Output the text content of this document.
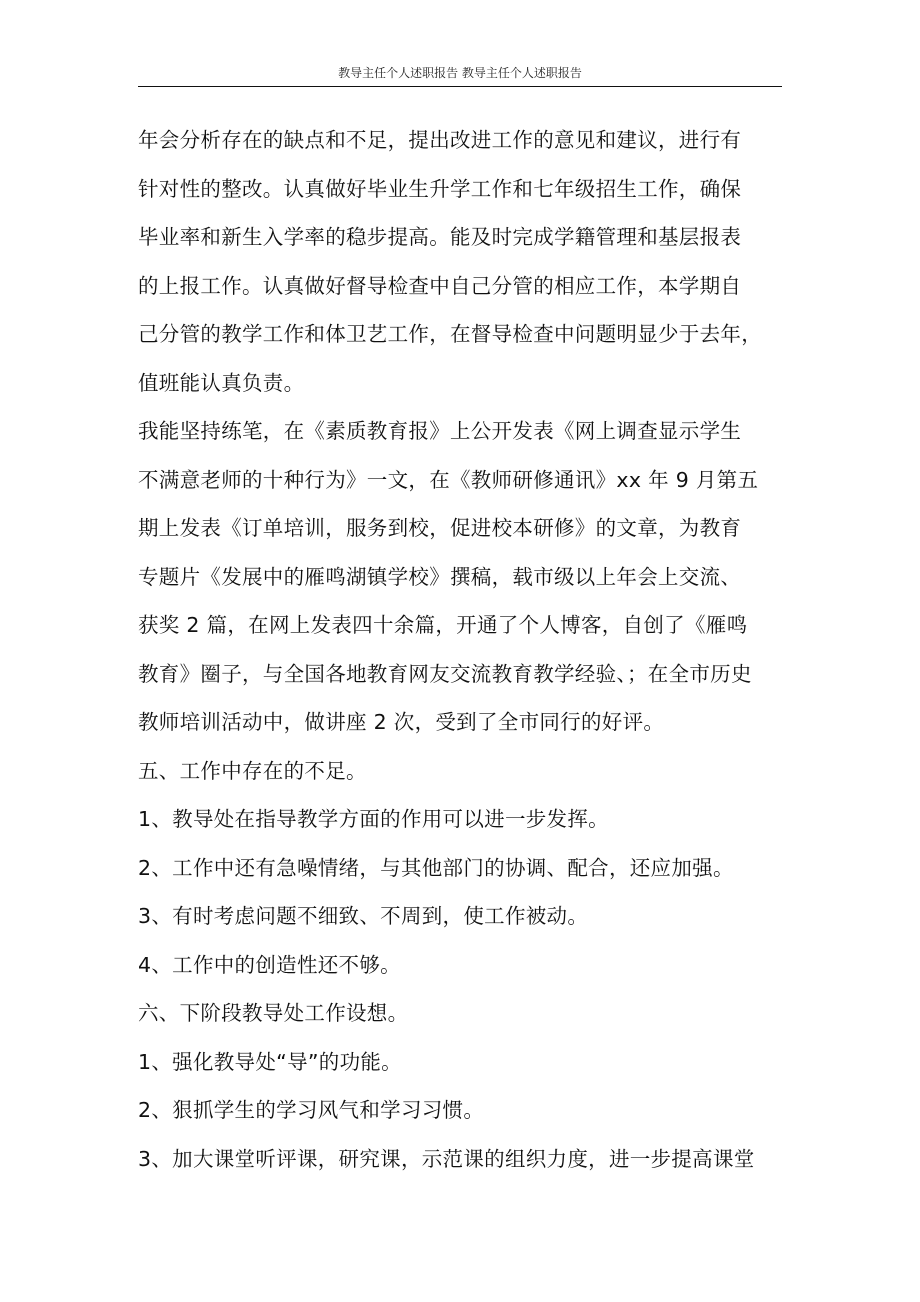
教导主任个人述职报告 教导主任个人述职报告
年会分析存在的缺点和不足，提出改进工作的意见和建议，进行有
针对性的整改。认真做好毕业生升学工作和七年级招生工作，确保
毕业率和新生入学率的稳步提高。能及时完成学籍管理和基层报表
的上报工作。认真做好督导检查中自己分管的相应工作，本学期自
己分管的教学工作和体卫艺工作，在督导检查中问题明显少于去年，
值班能认真负责。
我能坚持练笔，在《素质教育报》上公开发表《网上调查显示学生
不满意老师的十种行为》一文，在《教师研修通讯》xx 年 9 月第五
期上发表《订单培训，服务到校，促进校本研修》的文章，为教育
专题片《发展中的雁鸣湖镇学校》撰稿，载市级以上年会上交流、
获奖 2 篇，在网上发表四十余篇，开通了个人博客，自创了《雁鸣
教育》圈子，与全国各地教育网友交流教育教学经验、；在全市历史
教师培训活动中，做讲座 2 次，受到了全市同行的好评。
五、工作中存在的不足。
1、教导处在指导教学方面的作用可以进一步发挥。
2、工作中还有急噪情绪，与其他部门的协调、配合，还应加强。
3、有时考虑问题不细致、不周到，使工作被动。
4、工作中的创造性还不够。
六、下阶段教导处工作设想。
1、强化教导处“导”的功能。
2、狠抓学生的学习风气和学习习惯。
3、加大课堂听评课，研究课，示范课的组织力度，进一步提高课堂
